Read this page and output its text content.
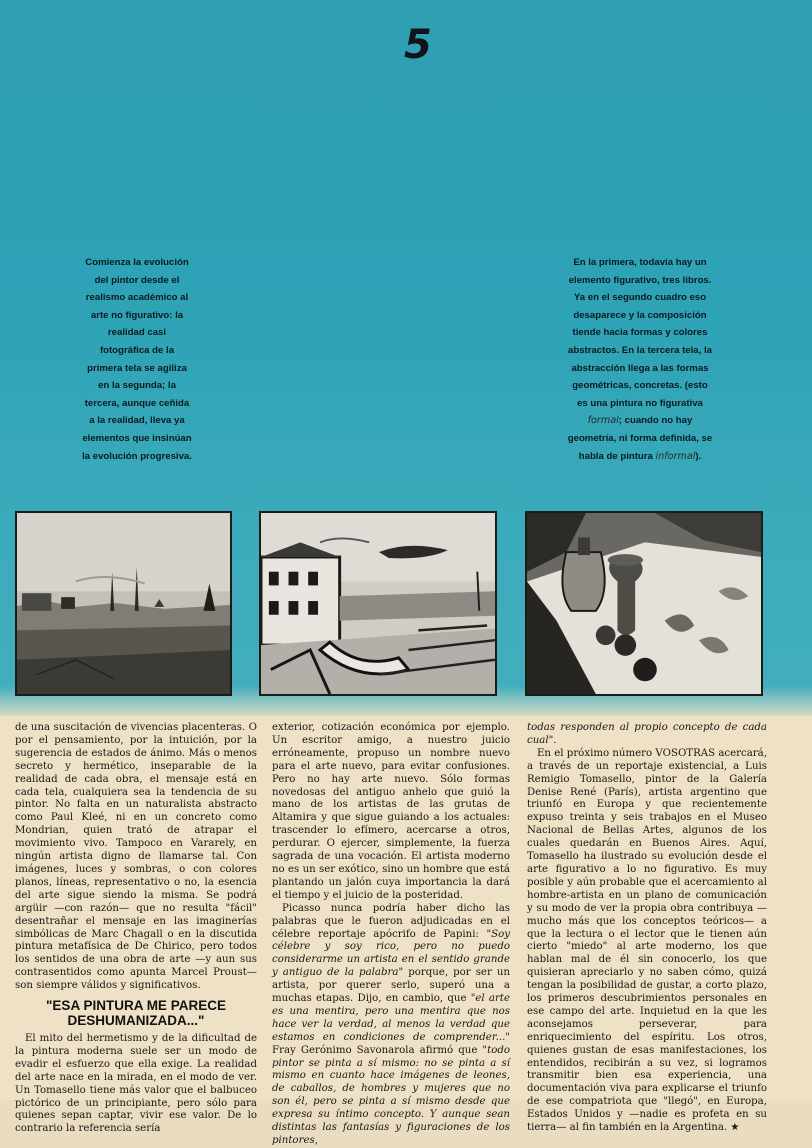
5
Comienza la evolución del pintor desde el realismo académico al arte no figurativo: la realidad casi fotográfica de la primera tela se agiliza en la segunda; la tercera, aunque ceñida a la realidad, lleva ya elementos que insinúan la evolución progresiva.
En la primera, todavía hay un elemento figurativo, tres libros. Ya en el segundo cuadro eso desaparece y la composición tiende hacia formas y colores abstractos. En la tercera tela, la abstracción llega a las formas geométricas, concretas. (esto es una pintura no figurativa formal; cuando no hay geometría, ni forma definida, se habla de pintura informal).

de una suscitación de vivencias placenteras. O por el pensamiento, por la intuición, por la sugerencia de estados de ánimo. Más o menos secreto y hermético, inseparable de la realidad de cada obra, el mensaje está en cada tela, cualquiera sea la tendencia de su pintor. No falta en un naturalista abstracto como Paul Kleé, ni en un concreto como Mondrian, quien trató de atrapar el movimiento vivo. Tampoco en Vararely, en ningún artista digno de llamarse tal. Con imágenes, luces y sombras, o con colores planos, líneas, representativo o no, la esencia del arte sigue siendo la misma. Se podrá argüir —con razón— que no resulta "fácil" desentrañar el mensaje en las imaginerías simbólicas de Marc Chagall o en la discutida pintura metafísica de De Chirico, pero todos los sentidos de una obra de arte —y aun sus contrasentidos como apunta Marcel Proust— son siempre válidos y significativos.

"ESA PINTURA ME PARECE DESHUMANIZADA..."

El mito del hermetismo y de la dificultad de la pintura moderna suele ser un modo de evadir el esfuerzo que ella exige. La realidad del arte nace en la mirada, en el modo de ver. Un Tomasello tiene más valor que el balbuceo pictórico de un principiante, pero sólo para quienes sepan captar, vivir ese valor. De lo contrario la referencia sería

exterior, cotización económica por ejemplo. Un escritor amigo, a nuestro juicio erróneamente, propuso un nombre nuevo para el arte nuevo, para evitar confusiones. Pero no hay arte nuevo. Sólo formas novedosas del antiguo anhelo que guió la mano de los artistas de las grutas de Altamira y que sigue guiando a los actuales: trascender lo efímero, acercarse a otros, perdurar. O ejercer, simplemente, la fuerza sagrada de una vocación. El artista moderno no es un ser exótico, sino un hombre que está plantando un jalón cuya importancia la dará el tiempo y el juicio de la posteridad.

Picasso nunca podría haber dicho las palabras que le fueron adjudicadas en el célebre reportaje apócrifo de Papini: "Soy célebre y soy rico, pero no puedo considerarme un artista en el sentido grande y antiguo de la palabra" porque, por ser un artista, por querer serlo, superó una a muchas etapas. Dijo, en cambio, que "el arte es una mentira, pero una mentira que nos hace ver la verdad, al menos la verdad que estamos en condiciones de comprender..." Fray Gerónimo Savonarola afirmó que "todo pintor se pinta a sí mismo: no se pinta a sí mismo en cuanto hace imágenes de leones, de caballos, de hombres y mujeres que no son él, pero se pinta a sí mismo desde que expresa su íntimo concepto. Y aunque sean distintas las fantasías y figuraciones de los pintores,

todas responden al propio concepto de cada cual".

En el próximo número VOSOTRAS acercará, a través de un reportaje existencial, a Luis Remigio Tomasello, pintor de la Galería Denise René (París), artista argentino que triunfó en Europa y que recientemente expuso treinta y seis trabajos en el Museo Nacional de Bellas Artes, algunos de los cuales quedarán en Buenos Aires. Aquí, Tomasello ha ilustrado su evolución desde el arte figurativo a lo no figurativo. Es muy posible y aún probable que el acercamiento al hombre-artista en un plano de comunicación y su modo de ver la propia obra contribuya —mucho más que los conceptos teóricos— a que la lectura o el lector que le tienen aún cierto "miedo" al arte moderno, los que hablan mal de él sin conocerlo, los que quisieran apreciarlo y no saben cómo, quizá tengan la posibilidad de gustar, a corto plazo, los primeros descubrimientos personales en ese campo del arte. Inquietud en la que les aconsejamos perseverar, para enriquecimiento del espíritu. Los otros, quienes gustan de esas manifestaciones, los entendidos, recibirán a su vez, si logramos transmitir bien esa experiencia, una documentación viva para explicarse el triunfo de ese compatriota que "llegó", en Europa, Estados Unidos y —nadie es profeta en su tierra— al fin también en la Argentina. ★
